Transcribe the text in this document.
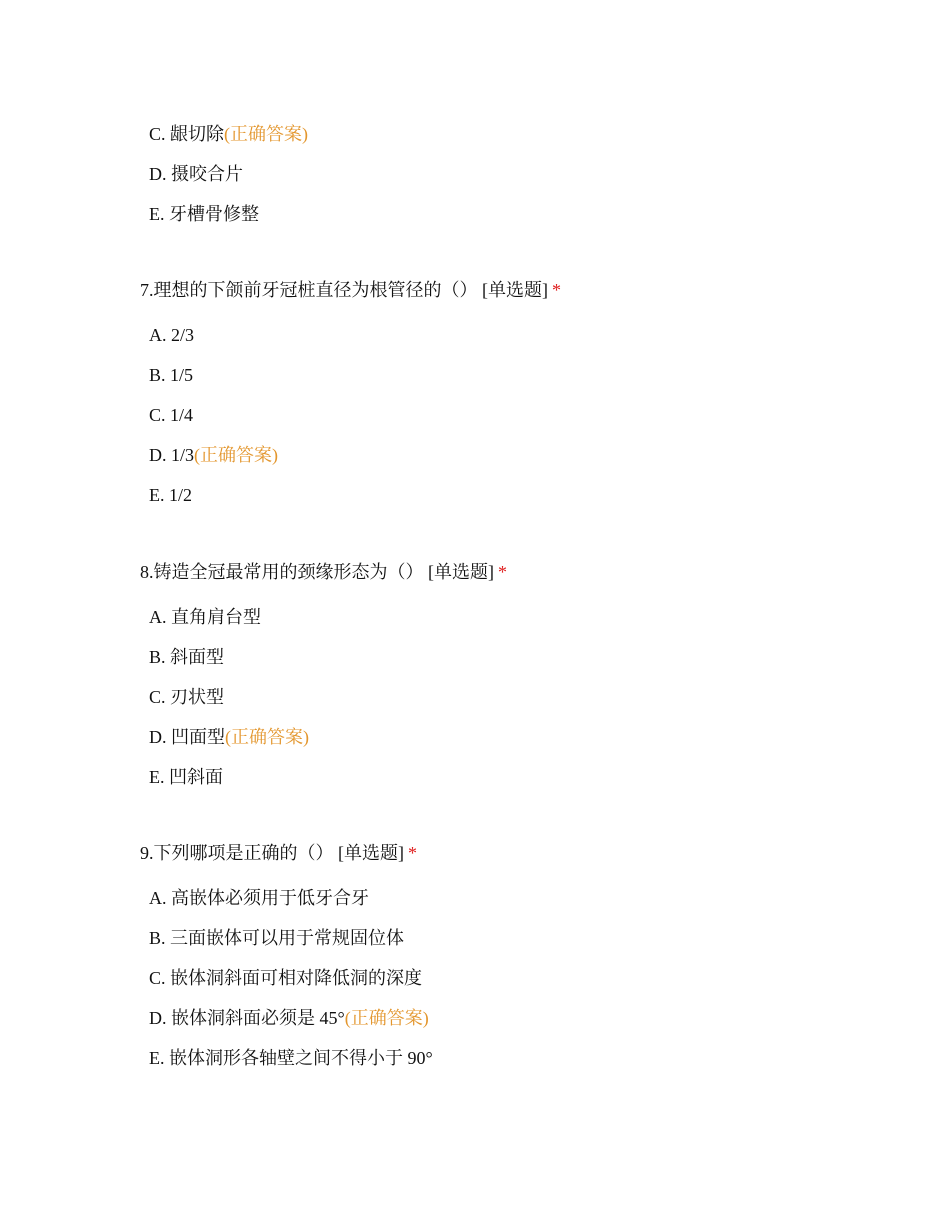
C. 龈切除(正确答案)
D. 摄咬合片
E. 牙槽骨修整
7.理想的下颌前牙冠桩直径为根管径的（） [单选题] *
A. 2/3
B. 1/5
C. 1/4
D. 1/3(正确答案)
E. 1/2
8.铸造全冠最常用的颈缘形态为（） [单选题] *
A. 直角肩台型
B. 斜面型
C. 刃状型
D. 凹面型(正确答案)
E. 凹斜面
9.下列哪项是正确的（） [单选题] *
A. 高嵌体必须用于低牙合牙
B. 三面嵌体可以用于常规固位体
C. 嵌体洞斜面可相对降低洞的深度
D. 嵌体洞斜面必须是 45°(正确答案)
E. 嵌体洞形各轴壁之间不得小于 90°
